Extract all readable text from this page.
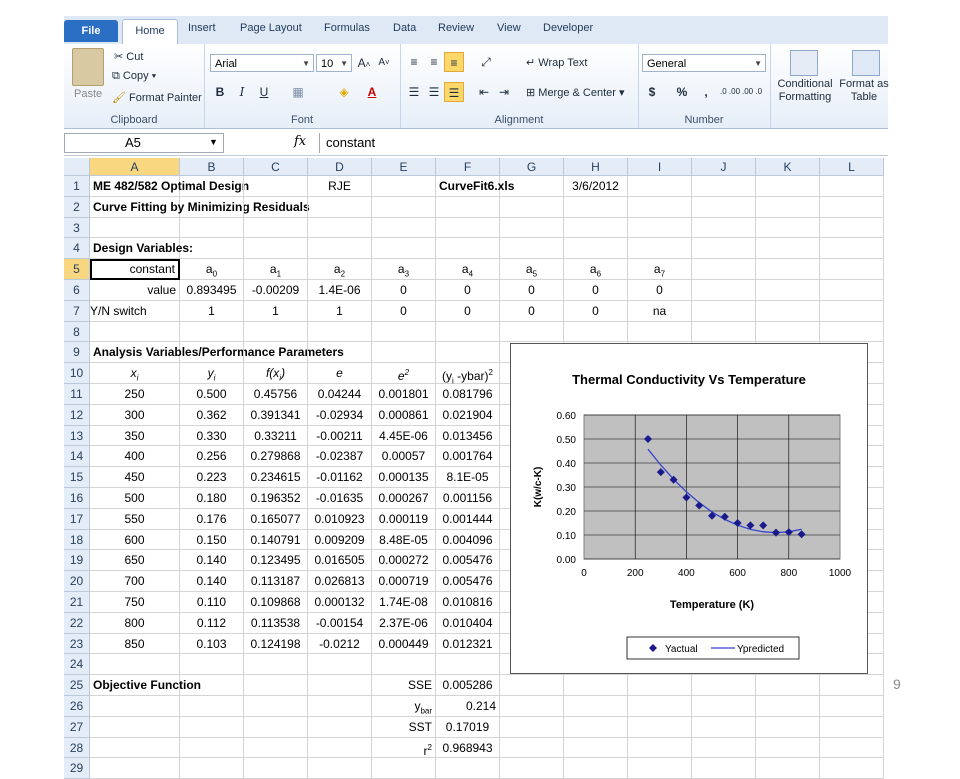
File	Home	Insert Page Layout Formulas Data Review View Developer
Paste
✂ Cut
⧉ Copy ▾
🖌 Format Painter
Clipboard
Arial	▼	10 ▼ A˄ A˅
B	I	U	▦	◈	A
Font
≡	≡	≡	⤢
☰ ☰ ☰	⇤ ⇥
↵ Wrap Text
⊞ Merge & Center ▾
Alignment
General	▼
$	%	,	.0 .00 .00 .0
Number
Conditional Formatting
Format as Table
A5	▼	fx	constant
A	B	C	D	E	F	G	H	I	J	K	L
1	ME 482/582 Optimal Design	RJE	CurveFit6.xls	3/6/2012
2	Curve Fitting by Minimizing Residuals
3
4	Design Variables:
5	constant	$a_0$	$a_1$	$a_2$	$a_3$	$a_4$	$a_5$	$a_6$	$a_7$
6	value 0.893495	-0.00209	1.4E-06	0	0	0	0	0
7 Y/N switch	1	1	1	0	0	0	0	na
8
9	Analysis Variables/Performance Parameters
10	$x_i$	$y_i$	$f(x_i)$	e	$e^2$	($y_i$ -ybar)$^2$
11	250	0.500	0.45756	0.04244	0.001801	0.081796
12	300	0.362	0.391341	-0.02934	0.000861	0.021904
13	350	0.330	0.33211	-0.00211	4.45E-06	0.013456
14	400	0.256	0.279868	-0.02387	0.00057	0.001764
15	450	0.223	0.234615	-0.01162	0.000135	8.1E-05
16	500	0.180	0.196352	-0.01635	0.000267	0.001156
17	550	0.176	0.165077	0.010923	0.000119	0.001444
18	600	0.150	0.140791	0.009209	8.48E-05	0.004096
19	650	0.140	0.123495	0.016505	0.000272	0.005476
20	700	0.140	0.113187	0.026813	0.000719	0.005476
21	750	0.110	0.109868	0.000132	1.74E-08	0.010816
22	800	0.112	0.113538	-0.00154	2.37E-06	0.010404
23	850	0.103	0.124198	-0.0212	0.000449	0.012321
24
25 Objective Function	SSE 0.005286
26	$y_{bar}$	0.214
27	SST	0.17019
28	$r^2$ 0.968943
29
Thermal Conductivity Vs Temperature
0.00
0.10
0.20
0.30
0.40
0.50
0.60
0	200	400	600	800	1000
Temperature (K)
K(w/c-K)
Yactual	Ypredicted
9
